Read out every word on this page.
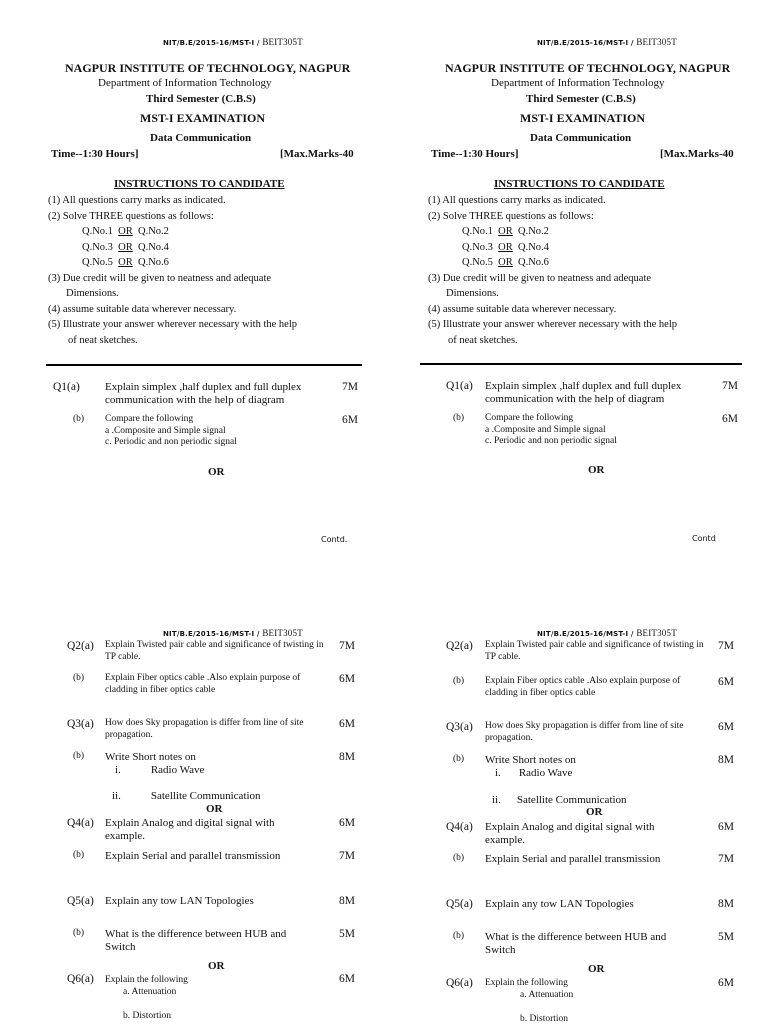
NIT/B.E/2015-16/MST-I / BEIT305T
NAGPUR INSTITUTE OF TECHNOLOGY, NAGPUR
Department of Information Technology
Third Semester (C.B.S)
MST-I EXAMINATION
Data Communication
Time--1:30 Hours]	[Max.Marks-40
INSTRUCTIONS TO CANDIDATE
(1) All questions carry marks as indicated.
(2) Solve THREE questions as follows:
Q.No.1 OR Q.No.2
Q.No.3 OR Q.No.4
Q.No.5 OR Q.No.6
(3) Due credit will be given to neatness and adequate
Dimensions.
(4) assume suitable data wherever necessary.
(5) Illustrate your answer wherever necessary with the help
of neat sketches.
Q1(a) Explain simplex ,half duplex and full duplex communication with the help of diagram
7M
(b) Compare the following
a .Composite and Simple signal
c. Periodic and non periodic signal
6M
OR
Contd.
NIT/B.E/2015-16/MST-I / BEIT305T
NAGPUR INSTITUTE OF TECHNOLOGY, NAGPUR
Department of Information Technology
Third Semester (C.B.S)
MST-I EXAMINATION
Data Communication
Time--1:30 Hours]	[Max.Marks-40
INSTRUCTIONS TO CANDIDATE
(1) All questions carry marks as indicated.
(2) Solve THREE questions as follows:
Q.No.1 OR Q.No.2
Q.No.3 OR Q.No.4
Q.No.5 OR Q.No.6
(3) Due credit will be given to neatness and adequate
Dimensions.
(4) assume suitable data wherever necessary.
(5) Illustrate your answer wherever necessary with the help
of neat sketches.
Q1(a) Explain simplex ,half duplex and full duplex communication with the help of diagram
7M
(b) Compare the following
a .Composite and Simple signal
c. Periodic and non periodic signal
6M
OR
Contd
NIT/B.E/2015-16/MST-I / BEIT305T
Q2(a) Explain Twisted pair cable and significance of twisting in TP cable.
7M
(b) Explain Fiber optics cable .Also explain purpose of cladding in fiber optics cable
6M
Q3(a) How does Sky propagation is differ from line of site propagation.
6M
(b) Write Short notes on	8M
i.	Radio Wave
ii.	Satellite Communication
OR
Q4(a) Explain Analog and digital signal with example.
6M
(b) Explain Serial and parallel transmission	7M
Q5(a) Explain any tow LAN Topologies	8M
(b) What is the difference between HUB and Switch
5M
OR
Q6(a) Explain the following
a. Attenuation
b. Distortion
6M
NIT/B.E/2015-16/MST-I / BEIT305T
Q2(a) Explain Twisted pair cable and significance of twisting in TP cable.
7M
(b) Explain Fiber optics cable .Also explain purpose of cladding in fiber optics cable
6M
Q3(a) How does Sky propagation is differ from line of site propagation.
6M
(b) Write Short notes on	8M
i. Radio Wave
ii. Satellite Communication
OR
Q4(a) Explain Analog and digital signal with example.
6M
(b) Explain Serial and parallel transmission	7M
Q5(a) Explain any tow LAN Topologies	8M
(b) What is the difference between HUB and Switch
5M
OR
Q6(a) Explain the following
a. Attenuation
b. Distortion
6M
